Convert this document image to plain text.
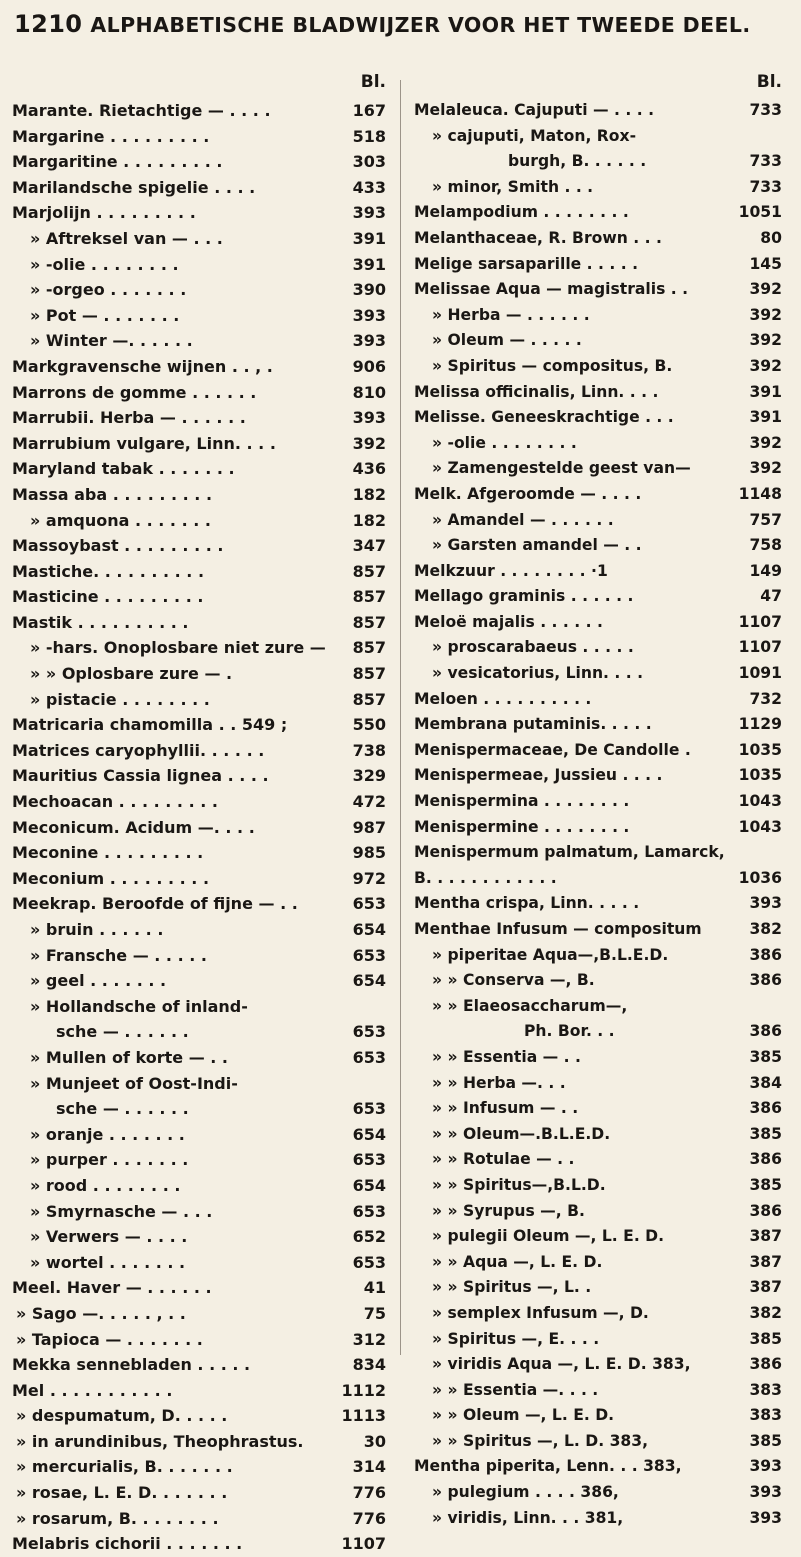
1210 ALPHABETISCHE BLADWIJZER VOOR HET TWEEDE DEEL.
Bl.
Marante. Rietachtige — . . . .	167
Margarine . . . . . . . . .	518
Margaritine . . . . . . . . .	303
Marilandsche spigelie . . . .	433
Marjolijn . . . . . . . . .	393
» Aftreksel van — . . .	391
» -olie . . . . . . . .	391
» -orgeo . . . . . . .	390
» Pot — . . . . . . .	393
» Winter —. . . . . .	393
Markgravensche wijnen . . , .	906
Marrons de gomme . . . . . .	810
Marrubii. Herba — . . . . . .	393
Marrubium vulgare, Linn. . . .	392
Maryland tabak . . . . . . .	436
Massa aba . . . . . . . . .	182
» amquona . . . . . . .	182
Massoybast . . . . . . . . .	347
Mastiche. . . . . . . . . .	857
Masticine . . . . . . . . .	857
Mastik . . . . . . . . . .	857
» -hars. Onoplosbare niet zure —	857
» » Oplosbare zure — .	857
» pistacie . . . . . . . .	857
Matricaria chamomilla . . 549 ;	550
Matrices caryophyllii. . . . . .	738
Mauritius Cassia lignea . . . .	329
Mechoacan . . . . . . . . .	472
Meconicum. Acidum —. . . .	987
Meconine . . . . . . . . .	985
Meconium . . . . . . . . .	972
Meekrap. Beroofde of fijne — . .	653
» bruin . . . . . .	654
» Fransche — . . . . .	653
» geel . . . . . . .	654
» Hollandsche of inland-
sche — . . . . . .	653
» Mullen of korte — . .	653
» Munjeet of Oost-Indi-
sche — . . . . . .	653
» oranje . . . . . . .	654
» purper . . . . . . .	653
» rood . . . . . . . .	654
» Smyrnasche — . . .	653
» Verwers — . . . .	652
» wortel . . . . . . .	653
Meel. Haver — . . . . . .	41
» Sago —. . . . . , . .	75
» Tapioca — . . . . . . .	312
Mekka sennebladen . . . . .	834
Mel . . . . . . . . . . .	1112
» despumatum, D. . . . .	1113
» in arundinibus, Theophrastus.	30
» mercurialis, B. . . . . . .	314
» rosae, L. E. D. . . . . . .	776
» rosarum, B. . . . . . . .	776
Melabris cichorii . . . . . . .	1107
Bl.
Melaleuca. Cajuputi — . . . .	733
» cajuputi, Maton, Rox-
burgh, B. . . . . .	733
» minor, Smith . . .	733
Melampodium . . . . . . . .	1051
Melanthaceae, R. Brown . . .	80
Melige sarsaparille . . . . .	145
Melissae Aqua — magistralis . .	392
» Herba — . . . . . .	392
» Oleum — . . . . .	392
» Spiritus — compositus, B.	392
Melissa officinalis, Linn. . . .	391
Melisse. Geneeskrachtige . . .	391
» -olie . . . . . . . .	392
» Zamengestelde geest van—	392
Melk. Afgeroomde — . . . .	1148
» Amandel — . . . . . .	757
» Garsten amandel — . .	758
Melkzuur . . . . . . . . ·1	149
Mellago graminis . . . . . .	47
Meloë majalis . . . . . .	1107
» proscarabaeus . . . . .	1107
» vesicatorius, Linn. . . .	1091
Meloen . . . . . . . . . .	732
Membrana putaminis. . . . .	1129
Menispermaceae, De Candolle .	1035
Menispermeae, Jussieu . . . .	1035
Menispermina . . . . . . . .	1043
Menispermine . . . . . . . .	1043
Menispermum palmatum, Lamarck,
B. . . . . . . . . . . .	1036
Mentha crispa, Linn. . . . .	393
Menthae Infusum — compositum	382
» piperitae Aqua—,B.L.E.D.	386
» » Conserva —, B.	386
» » Elaeosaccharum—,
Ph. Bor. . .	386
» » Essentia — . .	385
» » Herba —. . .	384
» » Infusum — . .	386
» » Oleum—.B.L.E.D.	385
» » Rotulae — . .	386
» » Spiritus—,B.L.D.	385
» » Syrupus —, B.	386
» pulegii Oleum —, L. E. D.	387
» » Aqua —, L. E. D.	387
» » Spiritus —, L. .	387
» semplex Infusum —, D.	382
» Spiritus —, E. . . .	385
» viridis Aqua —, L. E. D. 383,	386
» » Essentia —. . . .	383
» » Oleum —, L. E. D.	383
» » Spiritus —, L. D. 383,	385
Mentha piperita, Lenn. . . 383,	393
» pulegium . . . . 386,	393
» viridis, Linn. . . 381,	393
